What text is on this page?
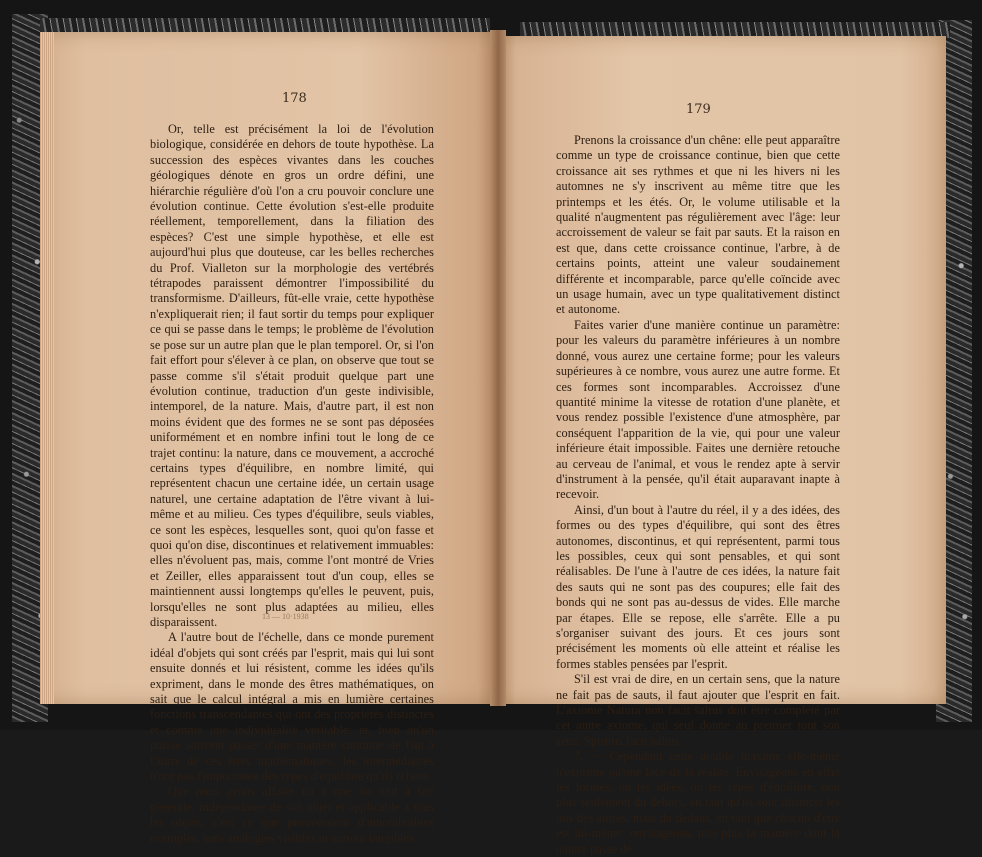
178
179

Or, telle est précisément la loi de l'évolution biologique, considérée en dehors de toute hypothèse. La succession des espèces vivantes dans les couches géologiques dénote en gros un ordre défini, une hiérarchie régulière d'où l'on a cru pouvoir conclure une évolution continue. Cette évolution s'est-elle produite réellement, temporellement, dans la filiation des espèces? C'est une simple hypothèse, et elle est aujourd'hui plus que douteuse, car les belles recherches du Prof. Vialleton sur la morphologie des vertébrés tétrapodes paraissent démontrer l'impossibilité du transformisme. D'ailleurs, fût-elle vraie, cette hypothèse n'expliquerait rien; il faut sortir du temps pour expliquer ce qui se passe dans le temps; le problème de l'évolution se pose sur un autre plan que le plan temporel. Or, si l'on fait effort pour s'élever à ce plan, on observe que tout se passe comme s'il s'était produit quelque part une évolution continue, traduction d'un geste indivisible, intemporel, de la nature. Mais, d'autre part, il est non moins évident que des formes ne se sont pas déposées uniformément et en nombre infini tout le long de ce trajet continu: la nature, dans ce mouvement, a accroché certains types d'équilibre, en nombre limité, qui représentent chacun une certaine idée, un certain usage naturel, une certaine adaptation de l'être vivant à lui-même et au milieu. Ces types d'équilibre, seuls viables, ce sont les espèces, lesquelles sont, quoi qu'on fasse et quoi qu'on dise, discontinues et relativement immuables: elles n'évoluent pas, mais, comme l'ont montré de Vries et Zeiller, elles apparaissent tout d'un coup, elles se maintiennent aussi longtemps qu'elles le peuvent, puis, lorsqu'elles ne sont plus adaptées au milieu, elles disparaissent.

A l'autre bout de l'échelle, dans ce monde purement idéal d'objets qui sont créés par l'esprit, mais qui lui sont ensuite donnés et lui résistent, comme les idées qu'ils expriment, dans le monde des êtres mathématiques, on sait que le calcul intégral a mis en lumière certaines fonctions transcendantes qui ont des propriétés distinctes et comme une individualité véritable; et, bien qu'on puisse souvent passer d'une manière continue de l'un à l'autre de ces êtres mathématiques, les intermédiaires n'ont pas l'importance des types d'équilibre qu'ils relient.

Que nous ayons affaire ici à une loi tout à fait générale, indépendante de son objet et applicable à tous les objets, c'est ce que prouveraient d'innombrables exemples, sans analogies visibles ni surtout tangibles.

13 — 10·1938

Prenons la croissance d'un chêne: elle peut apparaître comme un type de croissance continue, bien que cette croissance ait ses rythmes et que ni les hivers ni les automnes ne s'y inscrivent au même titre que les printemps et les étés. Or, le volume utilisable et la qualité n'augmentent pas régulièrement avec l'âge: leur accroissement de valeur se fait par sauts. Et la raison en est que, dans cette croissance continue, l'arbre, à de certains points, atteint une valeur soudainement différente et incomparable, parce qu'elle coïncide avec un usage humain, avec un type qualitativement distinct et autonome.

Faites varier d'une manière continue un paramètre: pour les valeurs du paramètre inférieures à un nombre donné, vous aurez une certaine forme; pour les valeurs supérieures à ce nombre, vous aurez une autre forme. Et ces formes sont incomparables. Accroissez d'une quantité minime la vitesse de rotation d'une planète, et vous rendez possible l'existence d'une atmosphère, par conséquent l'apparition de la vie, qui pour une valeur inférieure était impossible. Faites une dernière retouche au cerveau de l'animal, et vous le rendez apte à servir d'instrument à la pensée, qu'il était auparavant inapte à recevoir.

Ainsi, d'un bout à l'autre du réel, il y a des idées, des formes ou des types d'équilibre, qui sont des êtres autonomes, discontinus, et qui représentent, parmi tous les possibles, ceux qui sont pensables, et qui sont réalisables. De l'une à l'autre de ces idées, la nature fait des sauts qui ne sont pas des coupures; elle fait des bonds qui ne sont pas au-dessus de vides. Elle marche par étapes. Elle se repose, elle s'arrête. Elle a pu s'organiser suivant des jours. Et ces jours sont précisément les moments où elle atteint et réalise les formes stables pensées par l'esprit.

S'il est vrai de dire, en un certain sens, que la nature ne fait pas de sauts, il faut ajouter que l'esprit en fait. L'axiome Natura non facit saltus doit être complété par cet autre axiome, qui seul donne au premier tout son sens: Spiritus facit saltus.

7. — Cependant cette double maxime elle-même n'exprime qu'une face de la réalité. Envisageons en effet les formes, ou les idées, ou les types d'équilibre, non plus seulement du dehors, en tant qu'ils sont distincts les uns des autres, mais du dedans, en tant que chacun d'eux est lui-même: envisageons, non plus la manière dont la nature passe de
